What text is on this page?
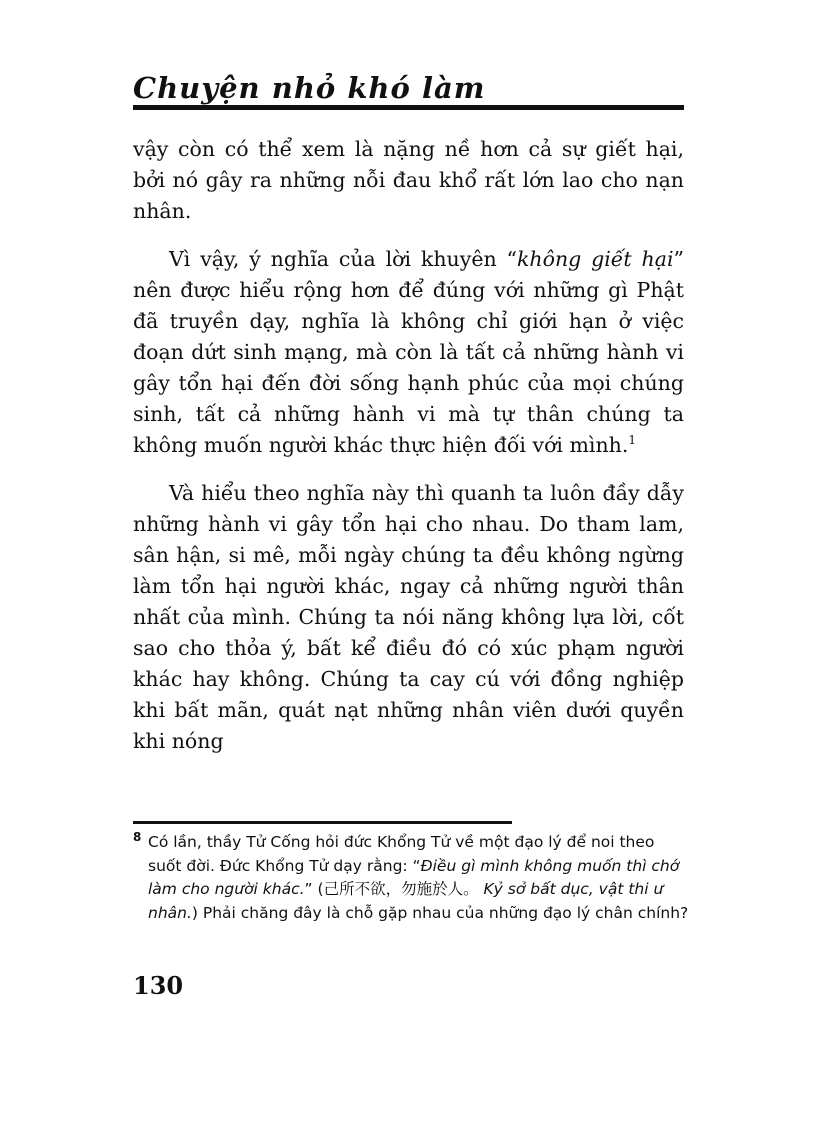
Chuyện nhỏ khó làm

vậy còn có thể xem là nặng nề hơn cả sự giết hại, bởi nó gây ra những nỗi đau khổ rất lớn lao cho nạn nhân.

Vì vậy, ý nghĩa của lời khuyên “không giết hại” nên được hiểu rộng hơn để đúng với những gì Phật đã truyền dạy, nghĩa là không chỉ giới hạn ở việc đoạn dứt sinh mạng, mà còn là tất cả những hành vi gây tổn hại đến đời sống hạnh phúc của mọi chúng sinh, tất cả những hành vi mà tự thân chúng ta không muốn người khác thực hiện đối với mình.$^1$

Và hiểu theo nghĩa này thì quanh ta luôn đầy dẫy những hành vi gây tổn hại cho nhau. Do tham lam, sân hận, si mê, mỗi ngày chúng ta đều không ngừng làm tổn hại người khác, ngay cả những người thân nhất của mình. Chúng ta nói năng không lựa lời, cốt sao cho thỏa ý, bất kể điều đó có xúc phạm người khác hay không. Chúng ta cay cú với đồng nghiệp khi bất mãn, quát nạt những nhân viên dưới quyền khi nóng

8 Có lần, thầy Tử Cống hỏi đức Khổng Tử về một đạo lý để noi theo suốt đời. Đức Khổng Tử dạy rằng: “Điều gì mình không muốn thì chớ làm cho người khác.” (己所不欲，勿施於人。 Kỷ sở bất dục, vật thi ư nhân.) Phải chăng đây là chỗ gặp nhau của những đạo lý chân chính?
130
